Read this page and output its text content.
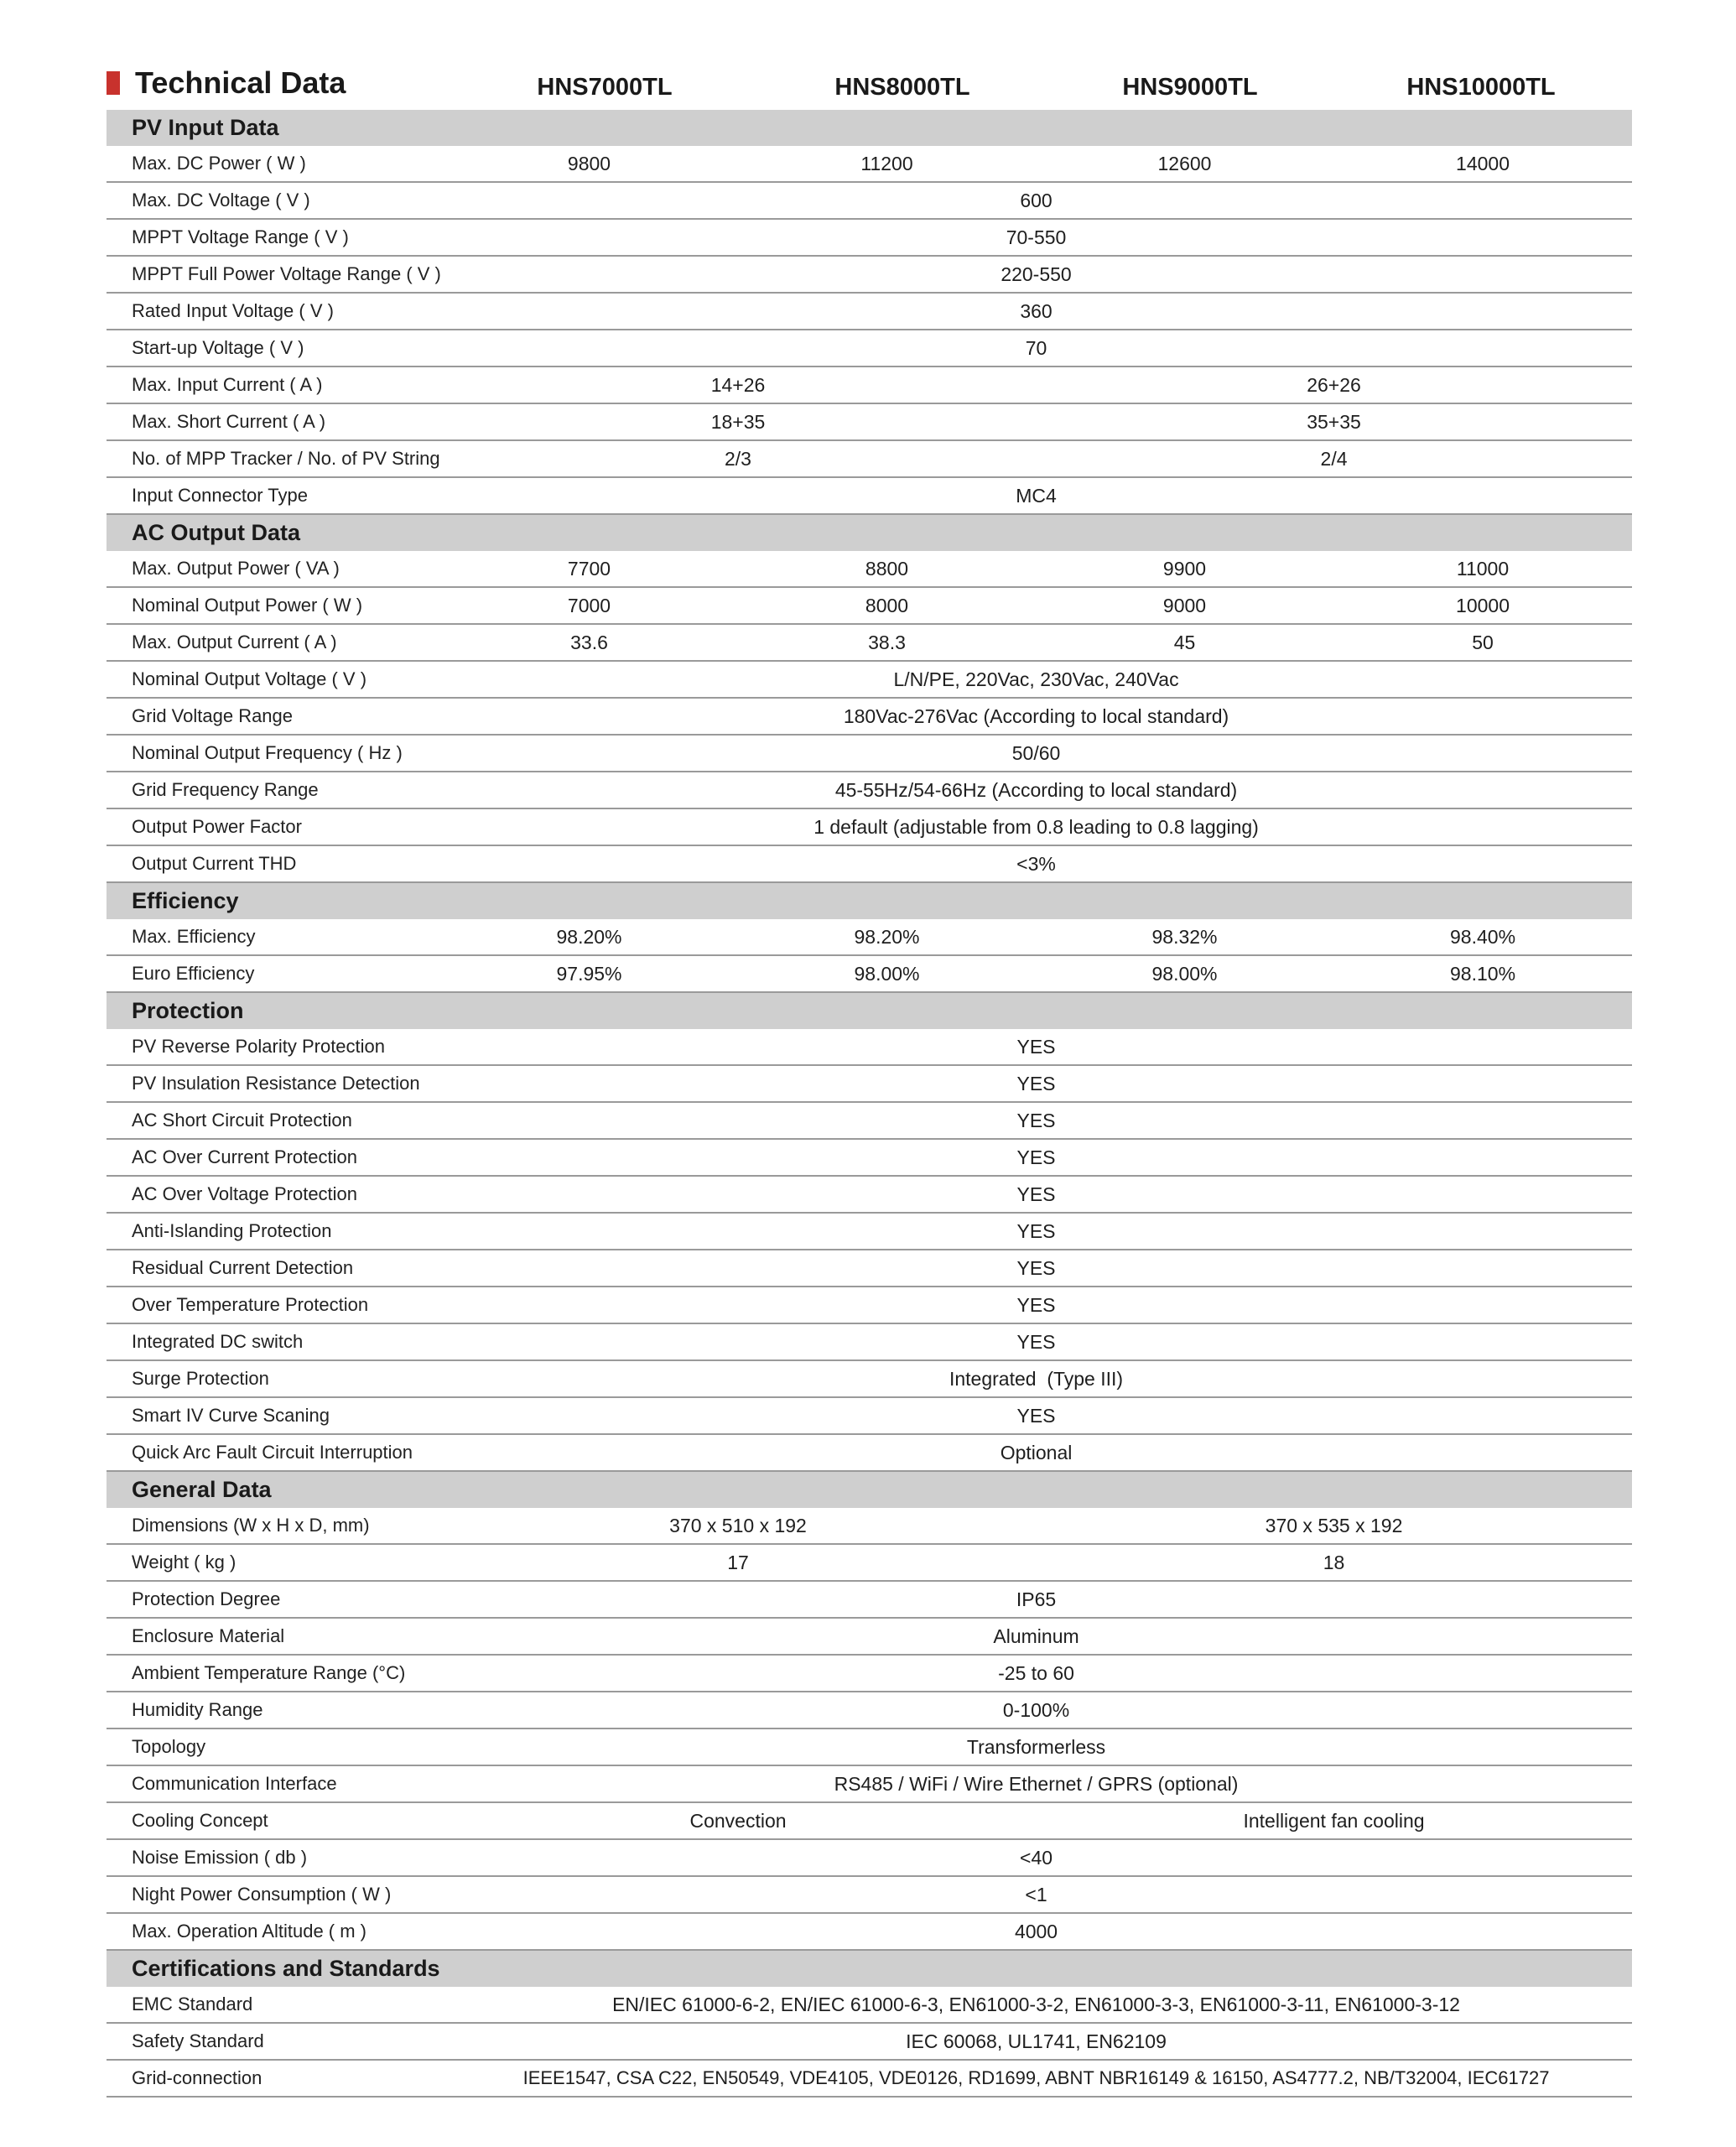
Technical Data	HNS7000TL	HNS8000TL	HNS9000TL	HNS10000TL
PV Input Data				
Max. DC Power ( W )	9800	11200	12600	14000
Max. DC Voltage ( V )	600			
MPPT Voltage Range ( V )	70-550			
MPPT Full Power Voltage Range ( V )	220-550			
Rated Input Voltage ( V )	360			
Start-up Voltage ( V )	70			
Max. Input Current ( A )	14+26		26+26	
Max. Short Current ( A )	18+35		35+35	
No. of MPP Tracker / No. of PV String	2/3		2/4	
Input Connector Type	MC4			
AC Output Data				
Max. Output Power ( VA )	7700	8800	9900	11000
Nominal Output Power ( W )	7000	8000	9000	10000
Max. Output Current ( A )	33.6	38.3	45	50
Nominal Output Voltage ( V )	L/N/PE, 220Vac, 230Vac, 240Vac			
Grid Voltage Range	180Vac-276Vac (According to local standard)			
Nominal Output Frequency ( Hz )	50/60			
Grid Frequency Range	45-55Hz/54-66Hz (According to local standard)			
Output Power Factor	1 default (adjustable from 0.8 leading to 0.8 lagging)			
Output Current THD	<3%			
Efficiency				
Max. Efficiency	98.20%	98.20%	98.32%	98.40%
Euro Efficiency	97.95%	98.00%	98.00%	98.10%
Protection				
PV Reverse Polarity Protection	YES			
PV Insulation Resistance Detection	YES			
AC Short Circuit Protection	YES			
AC Over Current Protection	YES			
AC Over Voltage Protection	YES			
Anti-Islanding Protection	YES			
Residual Current Detection	YES			
Over Temperature Protection	YES			
Integrated DC switch	YES			
Surge Protection	Integrated  (Type III)			
Smart IV Curve Scaning	YES			
Quick Arc Fault Circuit Interruption	Optional			
General Data				
Dimensions (W x H x D, mm)	370 x 510 x 192		370 x 535 x 192	
Weight ( kg )	17		18	
Protection Degree	IP65			
Enclosure Material	Aluminum			
Ambient Temperature Range (°C)	-25 to 60			
Humidity Range	0-100%			
Topology	Transformerless			
Communication Interface	RS485 / WiFi / Wire Ethernet / GPRS (optional)			
Cooling Concept	Convection		Intelligent fan cooling	
Noise Emission ( db )	<40			
Night Power Consumption ( W )	<1			
Max. Operation Altitude ( m )	4000			
Certifications and Standards				
EMC Standard	EN/IEC 61000-6-2, EN/IEC 61000-6-3, EN61000-3-2, EN61000-3-3, EN61000-3-11, EN61000-3-12			
Safety Standard	IEC 60068, UL1741, EN62109			
Grid-connection	IEEE1547, CSA C22, EN50549, VDE4105, VDE0126, RD1699, ABNT NBR16149 & 16150, AS4777.2, NB/T32004, IEC61727			
